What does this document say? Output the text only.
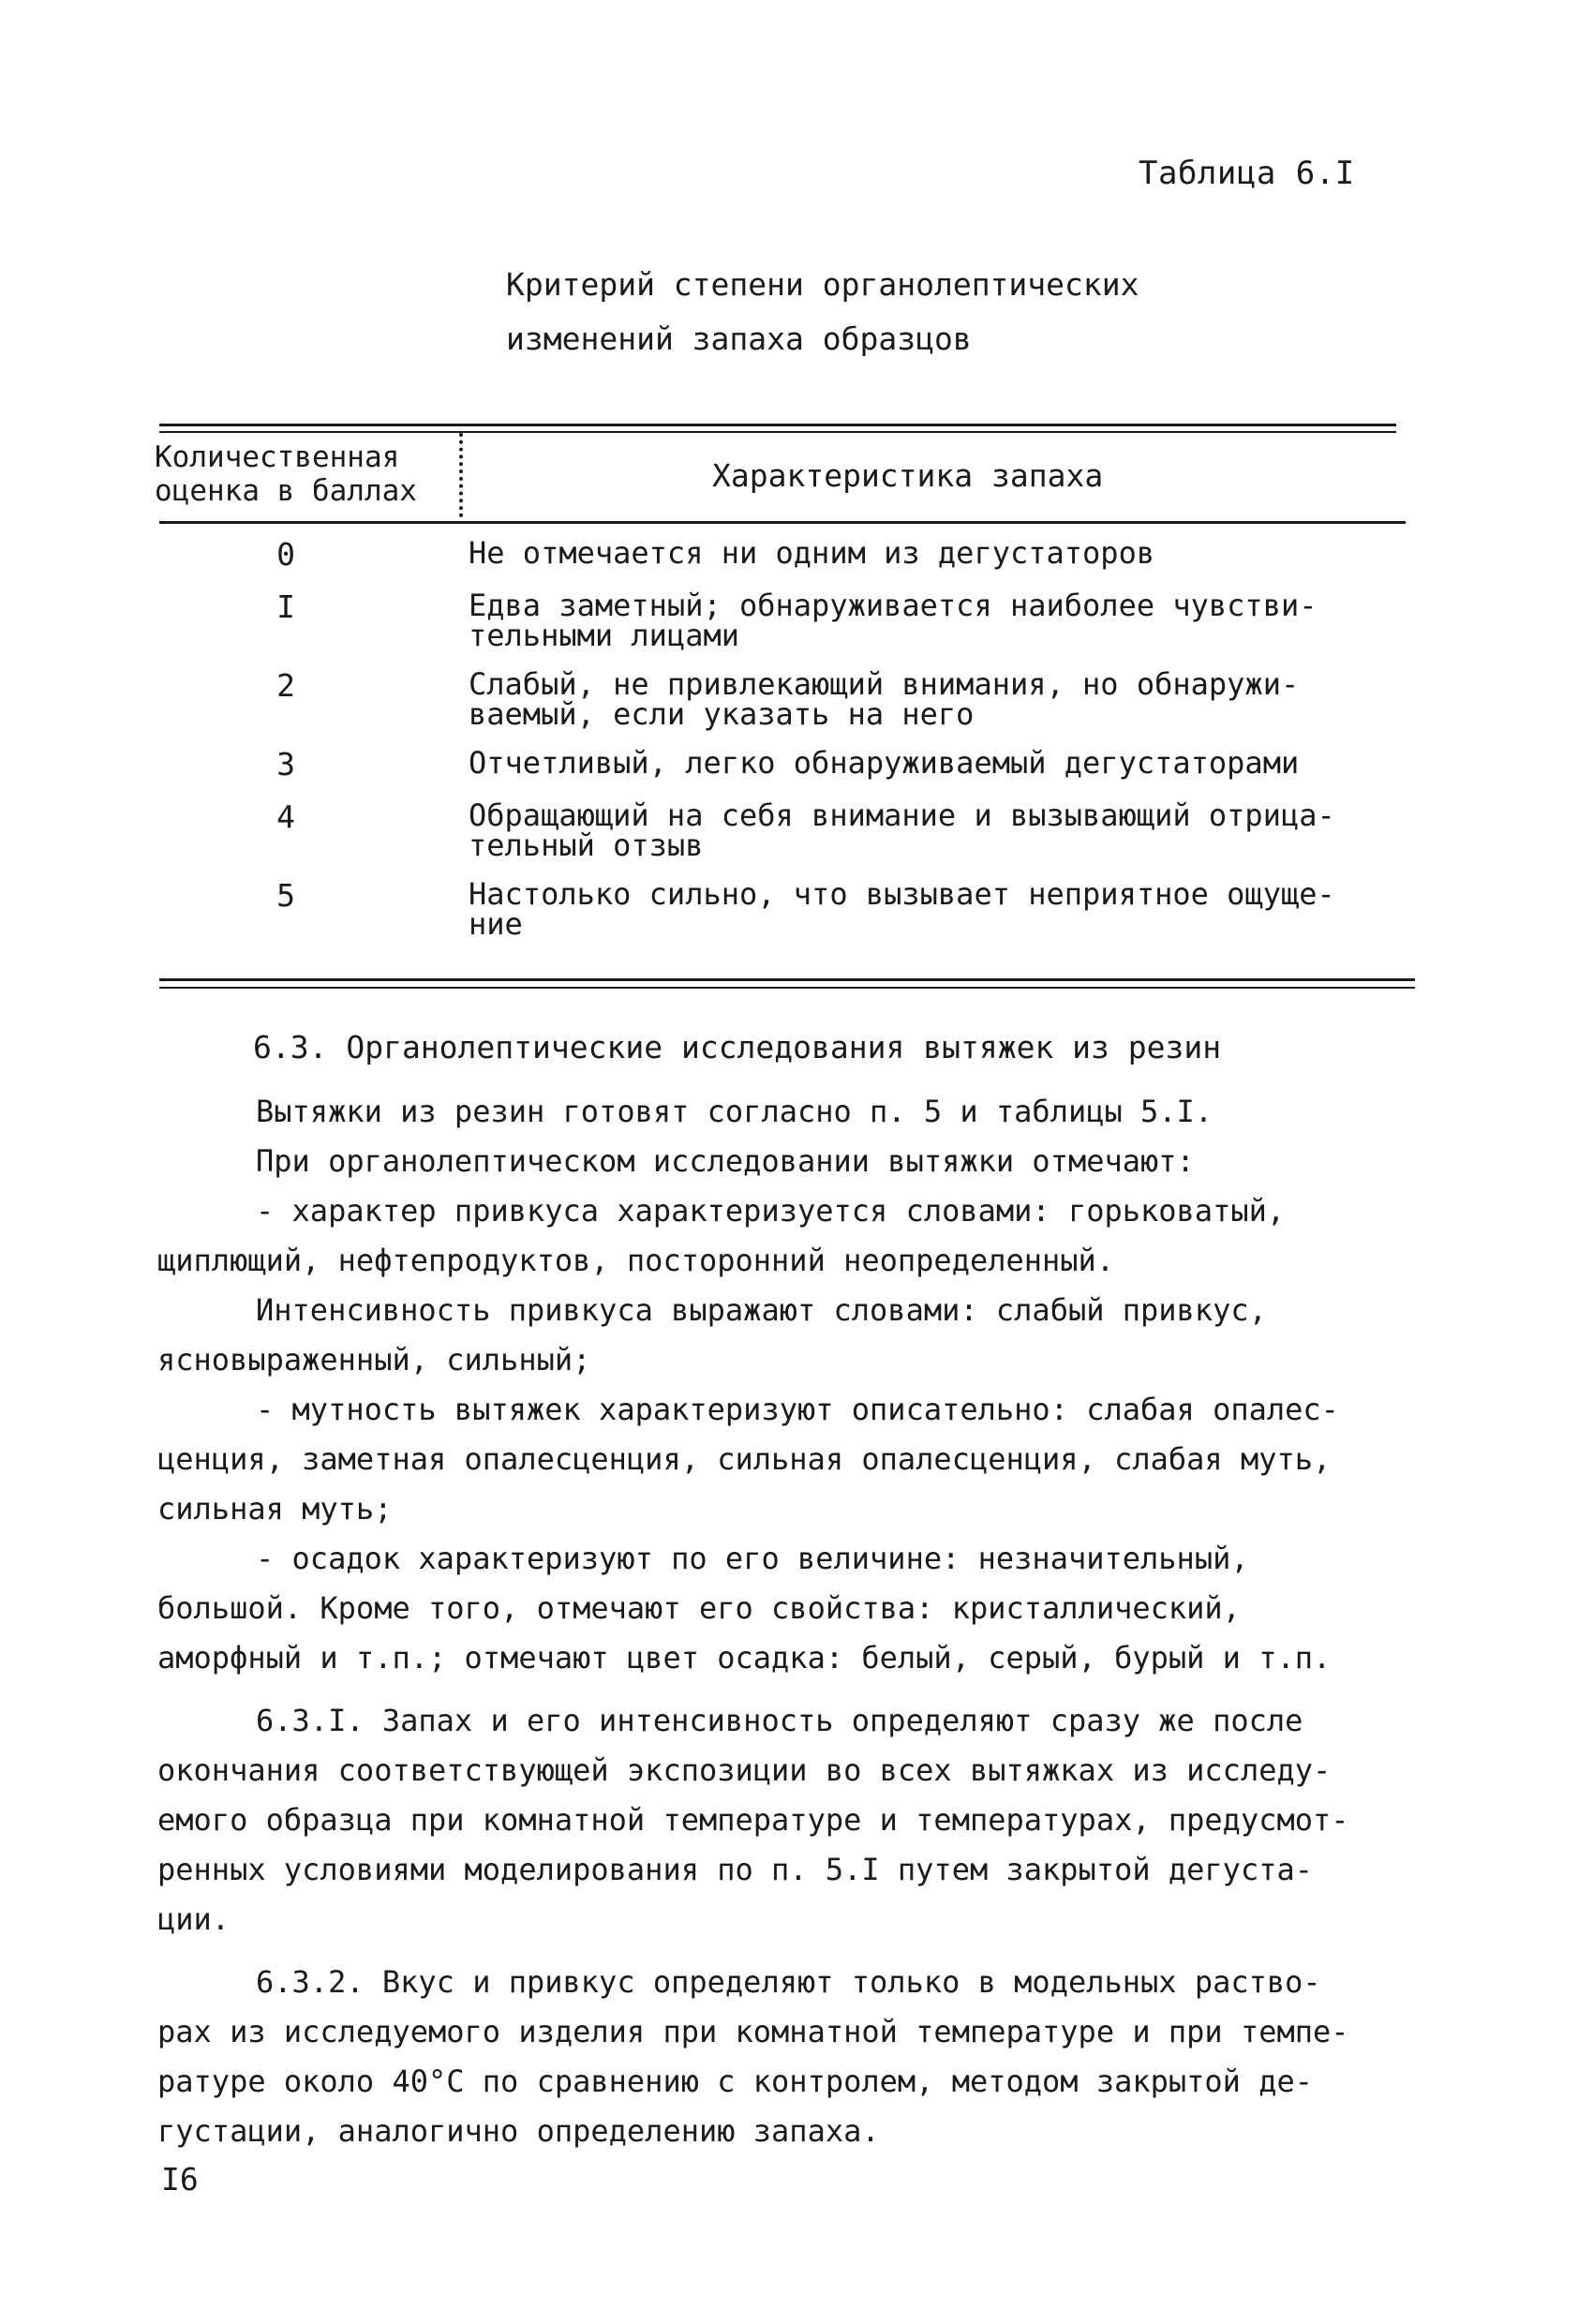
Таблица 6.I
Критерий степени органолептических
изменений запаха образцов
Количественная
оценка в баллах	Характеристика запаха
0	Не отмечается ни одним из дегустаторов
I	Едва заметный; обнаруживается наиболее чувстви-
тельными лицами
2	Слабый, не привлекающий внимания, но обнаружи-
ваемый, если указать на него
3	Отчетливый, легко обнаруживаемый дегустаторами
4	Обращающий на себя внимание и вызывающий отрица-
тельный отзыв
5	Настолько сильно, что вызывает неприятное ощуще-
ние
6.3. Органолептические исследования вытяжек из резин
Вытяжки из резин готовят согласно п. 5 и таблицы 5.I.
При органолептическом исследовании вытяжки отмечают:
- характер привкуса характеризуется словами: горьковатый,
щиплющий, нефтепродуктов, посторонний неопределенный.
Интенсивность привкуса выражают словами: слабый привкус,
ясновыраженный, сильный;
- мутность вытяжек характеризуют описательно: слабая опалес-
ценция, заметная опалесценция, сильная опалесценция, слабая муть,
сильная муть;
- осадок характеризуют по его величине: незначительный,
большой. Кроме того, отмечают его свойства: кристаллический,
аморфный и т.п.; отмечают цвет осадка: белый, серый, бурый и т.п.
6.3.I. Запах и его интенсивность определяют сразу же после
окончания соответствующей экспозиции во всех вытяжках из исследу-
емого образца при комнатной температуре и температурах, предусмот-
ренных условиями моделирования по п. 5.I путем закрытой дегуста-
ции.
6.3.2. Вкус и привкус определяют только в модельных раство-
рах из исследуемого изделия при комнатной температуре и при темпе-
ратуре около 40°С по сравнению с контролем, методом закрытой де-
густации, аналогично определению запаха.
I6
